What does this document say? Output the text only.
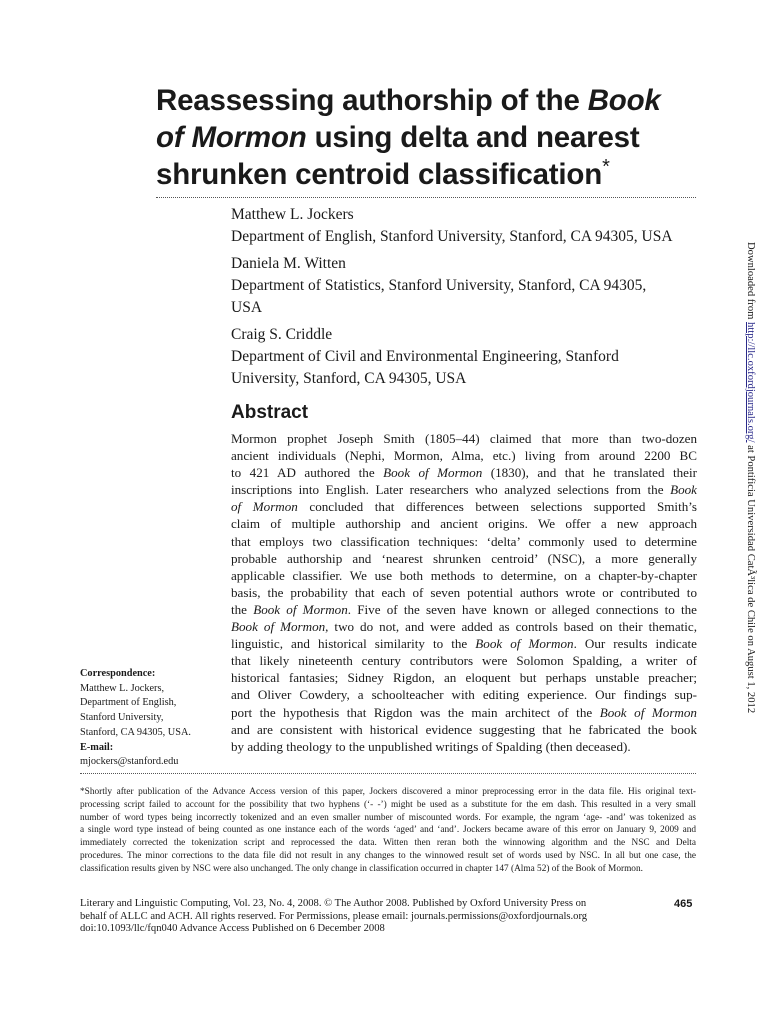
Reassessing authorship of the Book
of Mormon using delta and nearest
shrunken centroid classification*
Matthew L. Jockers
Department of English, Stanford University, Stanford, CA 94305, USA
Daniela M. Witten
Department of Statistics, Stanford University, Stanford, CA 94305,
USA
Craig S. Criddle
Department of Civil and Environmental Engineering, Stanford
University, Stanford, CA 94305, USA
Abstract
Mormon prophet Joseph Smith (1805–44) claimed that more than two-dozen
ancient individuals (Nephi, Mormon, Alma, etc.) living from around 2200 BC
to 421 AD authored the Book of Mormon (1830), and that he translated their
inscriptions into English. Later researchers who analyzed selections from the Book
of Mormon concluded that differences between selections supported Smith’s
claim of multiple authorship and ancient origins. We offer a new approach
that employs two classification techniques: ‘delta’ commonly used to determine
probable authorship and ‘nearest shrunken centroid’ (NSC), a more generally
applicable classifier. We use both methods to determine, on a chapter-by-chapter
basis, the probability that each of seven potential authors wrote or contributed to
the Book of Mormon. Five of the seven have known or alleged connections to the
Book of Mormon, two do not, and were added as controls based on their thematic,
linguistic, and historical similarity to the Book of Mormon. Our results indicate
that likely nineteenth century contributors were Solomon Spalding, a writer of
historical fantasies; Sidney Rigdon, an eloquent but perhaps unstable preacher;
and Oliver Cowdery, a schoolteacher with editing experience. Our findings sup-
port the hypothesis that Rigdon was the main architect of the Book of Mormon
and are consistent with historical evidence suggesting that he fabricated the book
by adding theology to the unpublished writings of Spalding (then deceased).
Correspondence:
Matthew L. Jockers,
Department of English,
Stanford University,
Stanford, CA 94305, USA.
E-mail:
mjockers@stanford.edu
Downloaded from http://llc.oxfordjournals.org/ at Pontificia Universidad CatÃ³lica de Chile on August 1, 2012
*Shortly after publication of the Advance Access version of this paper, Jockers discovered a minor preprocessing error in the data file. His original text-
processing script failed to account for the possibility that two hyphens (‘- -’) might be used as a substitute for the em dash. This resulted in a very small
number of word types being incorrectly tokenized and an even smaller number of miscounted words. For example, the ngram ‘age- -and’ was tokenized as
a single word type instead of being counted as one instance each of the words ‘aged’ and ‘and’. Jockers became aware of this error on January 9, 2009 and
immediately corrected the tokenization script and reprocessed the data. Witten then reran both the winnowing algorithm and the NSC and Delta
procedures. The minor corrections to the data file did not result in any changes to the winnowed result set of words used by NSC. In all but one case, the
classification results given by NSC were also unchanged. The only change in classification occurred in chapter 147 (Alma 52) of the Book of Mormon.
Literary and Linguistic Computing, Vol. 23, No. 4, 2008. © The Author 2008. Published by Oxford University Press on
behalf of ALLC and ACH. All rights reserved. For Permissions, please email: journals.permissions@oxfordjournals.org
doi:10.1093/llc/fqn040 Advance Access Published on 6 December 2008
465
